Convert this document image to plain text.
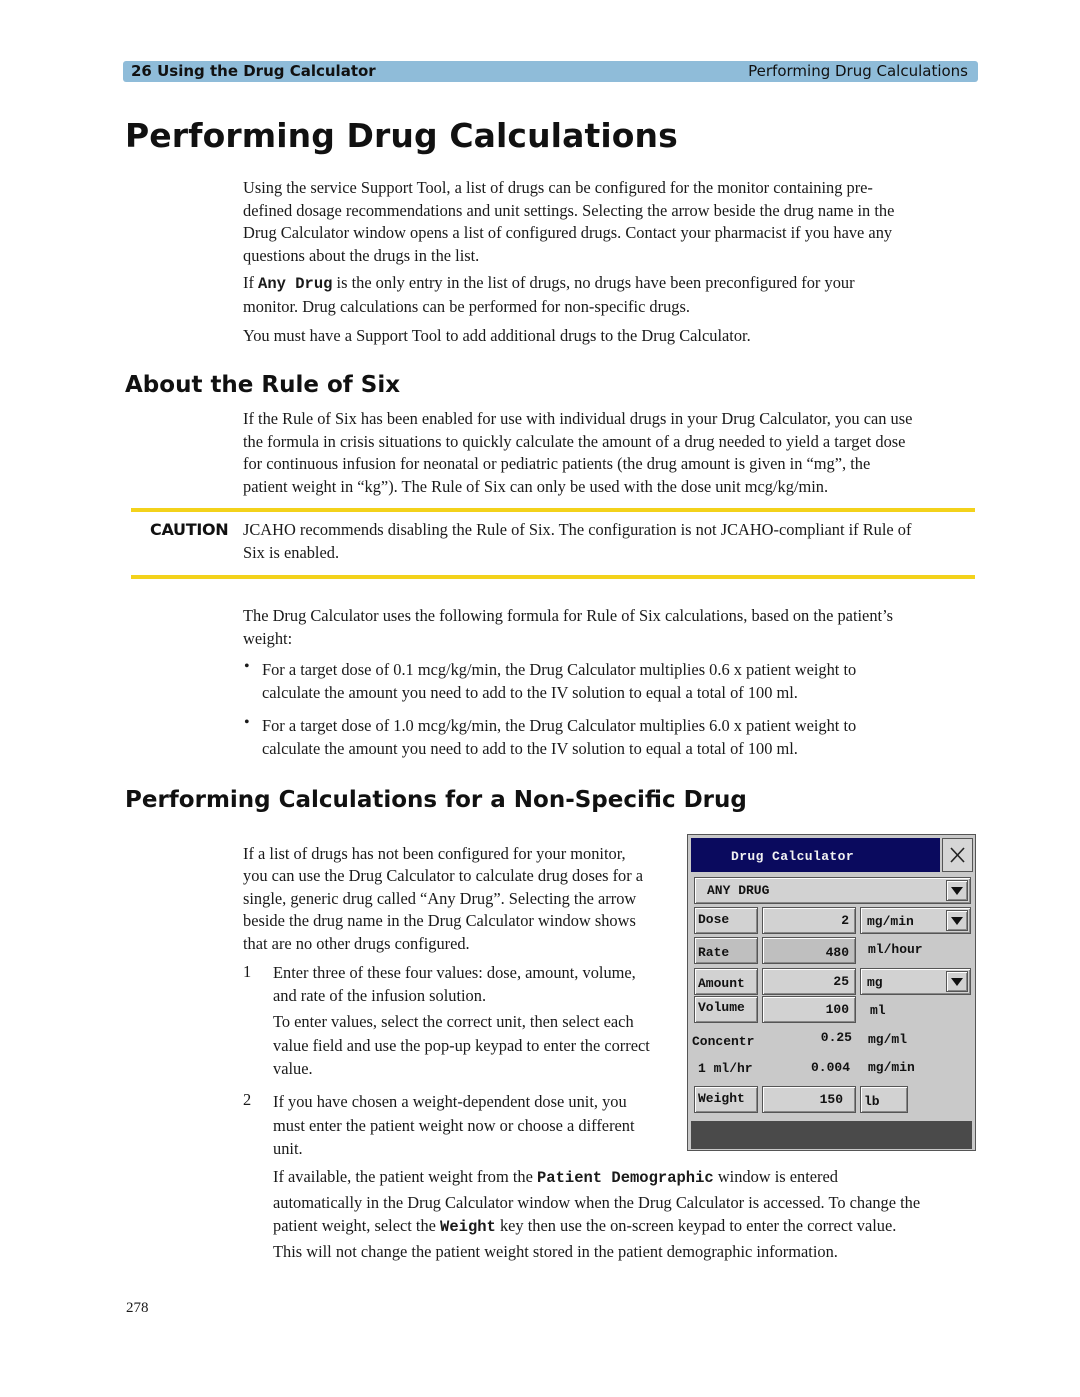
26 Using the Drug Calculator	Performing Drug Calculations
Performing Drug Calculations

Using the service Support Tool, a list of drugs can be configured for the monitor containing pre-

defined dosage recommendations and unit settings. Selecting the arrow beside the drug name in the

Drug Calculator window opens a list of configured drugs. Contact your pharmacist if you have any

questions about the drugs in the list.

If Any Drug is the only entry in the list of drugs, no drugs have been preconfigured for your

monitor. Drug calculations can be performed for non-specific drugs.

You must have a Support Tool to add additional drugs to the Drug Calculator.

About the Rule of Six

If the Rule of Six has been enabled for use with individual drugs in your Drug Calculator, you can use

the formula in crisis situations to quickly calculate the amount of a drug needed to yield a target dose

for continuous infusion for neonatal or pediatric patients (the drug amount is given in “mg”, the

patient weight in “kg”). The Rule of Six can only be used with the dose unit mcg/kg/min.

CAUTION JCAHO recommends disabling the Rule of Six. The configuration is not JCAHO-compliant if Rule of

Six is enabled.

The Drug Calculator uses the following formula for Rule of Six calculations, based on the patient’s

weight:

• For a target dose of 0.1 mcg/kg/min, the Drug Calculator multiplies 0.6 x patient weight to
calculate the amount you need to add to the IV solution to equal a total of 100 ml.
• For a target dose of 1.0 mcg/kg/min, the Drug Calculator multiplies 6.0 x patient weight to
calculate the amount you need to add to the IV solution to equal a total of 100 ml.
Performing Calculations for a Non-Specific Drug

If a list of drugs has not been configured for your monitor,

you can use the Drug Calculator to calculate drug doses for a

single, generic drug called “Any Drug”. Selecting the arrow

beside the drug name in the Drug Calculator window shows

that are no other drugs configured.

1 Enter three of these four values: dose, amount, volume,

and rate of the infusion solution.

To enter values, select the correct unit, then select each

value field and use the pop-up keypad to enter the correct

value.

2 If you have chosen a weight-dependent dose unit, you

must enter the patient weight now or choose a different

unit.

If available, the patient weight from the Patient Demographic window is entered

automatically in the Drug Calculator window when the Drug Calculator is accessed. To change the

patient weight, select the Weight key then use the on-screen keypad to enter the correct value.

This will not change the patient weight stored in the patient demographic information.

Drug Calculator
ANY DRUG
Dose	2 mg/min
Rate	480 ml/hour
Amount	25 mg
Volume	100 ml
Concentr	0.25 mg/ml
1 ml/hr	0.004 mg/min
Weight	150 lb
278
